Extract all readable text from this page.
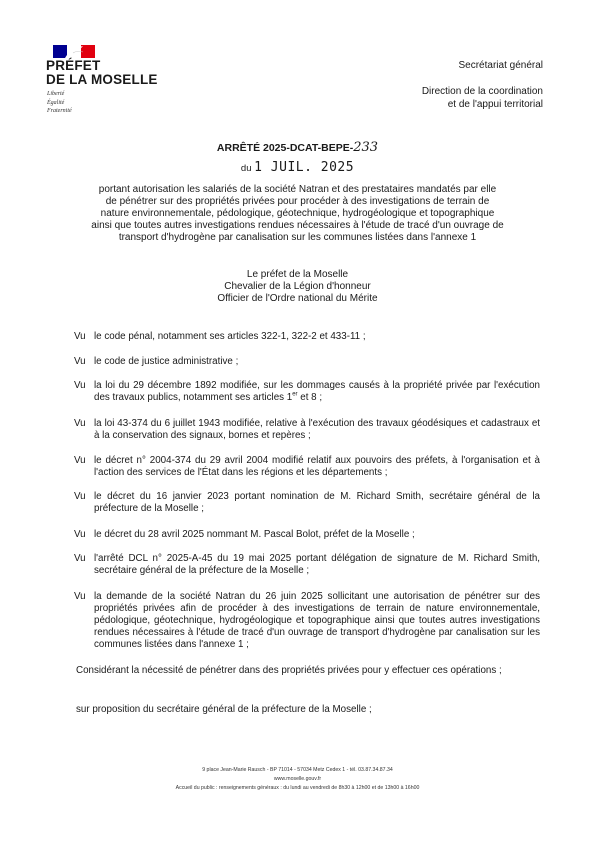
PRÉFET
DE LA MOSELLE
Liberté
Égalité
Fraternité
Secrétariat général
Direction de la coordination
et de l'appui territorial
ARRÊTÉ 2025-DCAT-BEPE-233
du 1 JUIL. 2025
portant autorisation les salariés de la société Natran et des prestataires mandatés par elle
de pénétrer sur des propriétés privées pour procéder à des investigations de terrain de
nature environnementale, pédologique, géotechnique, hydrogéologique et topographique
ainsi que toutes autres investigations rendues nécessaires à l'étude de tracé d'un ouvrage de
transport d'hydrogène par canalisation sur les communes listées dans l'annexe 1
Le préfet de la Moselle
Chevalier de la Légion d'honneur
Officier de l'Ordre national du Mérite
Vu le code pénal, notamment ses articles 322-1, 322-2 et 433-11 ;
Vu le code de justice administrative ;
Vu la loi du 29 décembre 1892 modifiée, sur les dommages causés à la propriété privée par l'exécution des travaux publics, notamment ses articles 1er et 8 ;
Vu la loi 43-374 du 6 juillet 1943 modifiée, relative à l'exécution des travaux géodésiques et cadastraux et à la conservation des signaux, bornes et repères ;
Vu le décret n° 2004-374 du 29 avril 2004 modifié relatif aux pouvoirs des préfets, à l'organisation et à l'action des services de l'État dans les régions et les départements ;
Vu le décret du 16 janvier 2023 portant nomination de M. Richard Smith, secrétaire général de la préfecture de la Moselle ;
Vu le décret du 28 avril 2025 nommant M. Pascal Bolot, préfet de la Moselle ;
Vu l'arrêté DCL n° 2025-A-45 du 19 mai 2025 portant délégation de signature de M. Richard Smith, secrétaire général de la préfecture de la Moselle ;
Vu la demande de la société Natran du 26 juin 2025 sollicitant une autorisation de pénétrer sur des propriétés privées afin de procéder à des investigations de terrain de nature environnementale, pédologique, géotechnique, hydrogéologique et topographique ainsi que toutes autres investigations rendues nécessaires à l'étude de tracé d'un ouvrage de transport d'hydrogène par canalisation sur les communes listées dans l'annexe 1 ;
Considérant la nécessité de pénétrer dans des propriétés privées pour y effectuer ces opérations ;
sur proposition du secrétaire général de la préfecture de la Moselle ;
9 place Jean-Marie Rausch - BP 71014 - 57034 Metz Cedex 1 - tél. 03.87.34.87.34
www.moselle.gouv.fr
Accueil du public : renseignements généraux : du lundi au vendredi de 8h30 à 12h00 et de 13h00 à 16h00
